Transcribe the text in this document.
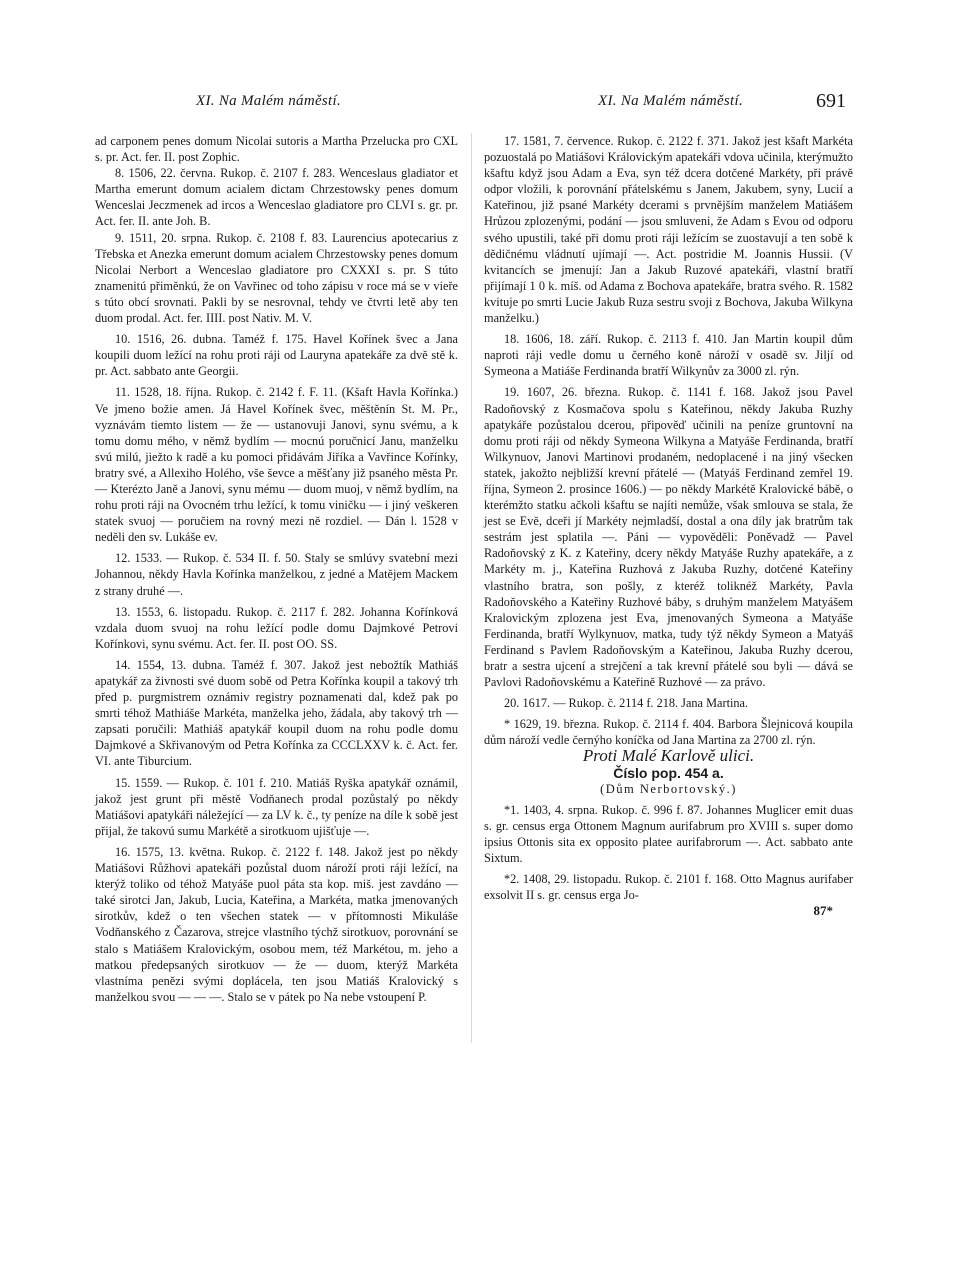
XI. Na Malém náměstí.	XI. Na Malém náměstí.	691

ad carponem penes domum Nicolai sutoris a Martha Przelucka pro CXL s. pr. Act. fer. II. post Zophic.

8. 1506, 22. června. Rukop. č. 2107 f. 283. Wenceslaus gladiator et Martha emerunt domum acialem dictam Chrzestowsky penes domum Wenceslai Jeczmenek ad ircos a Wenceslao gladiatore pro CLVI s. gr. pr. Act. fer. II. ante Joh. B.

9. 1511, 20. srpna. Rukop. č. 2108 f. 83. Laurencius apotecarius z Třebska et Anezka emerunt domum acialem Chrzestowsky penes domum Nicolai Nerbort a Wenceslao gladiatore pro CXXXI s. pr. S túto znamenitú přiměnkú, že on Vavřinec od toho zápisu v roce má se v vieře s túto obcí srovnati. Pakli by se nesrovnal, tehdy ve čtvrti letě aby ten duom prodal. Act. fer. IIII. post Nativ. M. V.

10. 1516, 26. dubna. Taméž f. 175. Havel Kořínek švec a Jana koupili duom ležící na rohu proti ráji od Lauryna apatekáře za dvě stě k. pr. Act. sabbato ante Georgii.

11. 1528, 18. října. Rukop. č. 2142 f. F. 11. (Kšaft Havla Kořínka.) Ve jmeno božie amen. Já Havel Kořínek švec, měštěnín St. M. Pr., vyznávám tiemto listem — že — ustanovuji Janovi, synu svému, a k tomu domu mého, v němž bydlím — mocnú poručnicí Janu, manželku svú milú, jiežto k radě a ku pomoci přidávám Jiříka a Vavřince Kořínky, bratry své, a Allexiho Holého, vše ševce a měšťany již psaného města Pr. — Kterézto Janě a Janovi, synu mému — duom muoj, v němž bydlím, na rohu proti ráji na Ovocném trhu ležící, k tomu viničku — i jiný veškeren statek svuoj — poručiem na rovný mezi ně rozdiel. — Dán l. 1528 v neděli den sv. Lukáše ev.

12. 1533. — Rukop. č. 534 II. f. 50. Staly se smlúvy svatební mezi Johannou, někdy Havla Kořínka manželkou, z jedné a Matějem Mackem z strany druhé —.

13. 1553, 6. listopadu. Rukop. č. 2117 f. 282. Johanna Kořínková vzdala duom svuoj na rohu ležící podle domu Dajmkové Petrovi Kořínkovi, synu svému. Act. fer. II. post OO. SS.

14. 1554, 13. dubna. Taméž f. 307. Jakož jest nebožtík Mathiáš apatykář za živnosti své duom sobě od Petra Kořínka koupil a takový trh před p. purgmistrem oznámiv registry poznamenati dal, kdež pak po smrti téhož Mathiáše Markéta, manželka jeho, žádala, aby takový trh — zapsati poručili: Mathiáš apatykář koupil duom na rohu podle domu Dajmkové a Skřivanovým od Petra Kořínka za CCCLXXV k. č. Act. fer. VI. ante Tiburcium.

15. 1559. — Rukop. č. 101 f. 210. Matiáš Ryška apatykář oznámil, jakož jest grunt při městě Vodňanech prodal pozůstalý po někdy Matiášovi apatykáři náležející — za LV k. č., ty peníze na díle k sobě jest přijal, že takovú sumu Markétě a sirotkuom ujišťuje —.

16. 1575, 13. května. Rukop. č. 2122 f. 148. Jakož jest po někdy Matiášovi Růžhovi apatekáři pozůstal duom nároží proti ráji ležící, na kterýž toliko od téhož Matyáše puol páta sta kop. miš. jest zavdáno — také sirotci Jan, Jakub, Lucia, Kateřina, a Markéta, matka jmenovaných sirotkův, kdež o ten všechen statek — v přítomnosti Mikuláše Vodňanského z Čazarova, strejce vlastního týchž sirotkuov, porovnání se stalo s Matiášem Kralovickým, osobou mem, též Markétou, m. jeho a matkou předepsaných sirotkuov — že — duom, kterýž Markéta vlastníma penězi svými doplácela, ten jsou Matiáš Kralovický s manželkou svou — — —. Stalo se v pátek po Na nebe vstoupení P.

17. 1581, 7. července. Rukop. č. 2122 f. 371. Jakož jest kšaft Markéta pozuostalá po Matiášovi Královickým apatekáři vdova učinila, kterýmužto kšaftu když jsou Adam a Eva, syn též dcera dotčené Markéty, při právě odpor vložili, k porovnání přátelskému s Janem, Jakubem, syny, Lucií a Kateřinou, již psané Markéty dcerami s prvnějším manželem Matiášem Hrůzou zplozenými, podání — jsou smluveni, že Adam s Evou od odporu svého upustili, také při domu proti ráji ležícím se zuostavují a ten sobě k dědičnému vládnutí ujímají —. Act. postridie M. Joannis Hussii. (V kvitancích se jmenují: Jan a Jakub Ruzové apatekáři, vlastní bratří přijímají 1 0 k. míš. od Adama z Bochova apatekáře, bratra svého. R. 1582 kvituje po smrti Lucie Jakub Ruza sestru svoji z Bochova, Jakuba Wilkyna manželku.)

18. 1606, 18. září. Rukop. č. 2113 f. 410. Jan Martin koupil dům naproti ráji vedle domu u černého koně nároží v osadě sv. Jiljí od Symeona a Matiáše Ferdinanda bratří Wilkynův za 3000 zl. rýn.

19. 1607, 26. března. Rukop. č. 1141 f. 168. Jakož jsou Pavel Radoňovský z Kosmačova spolu s Kateřinou, někdy Jakuba Ruzhy apatykáře pozůstalou dcerou, připověď učinili na peníze gruntovní na domu proti ráji od někdy Symeona Wilkyna a Matyáše Ferdinanda, bratří Wilkynuov, Janovi Martinovi prodaném, nedoplacené i na jiný všecken statek, jakožto nejbližší krevní přátelé — (Matyáš Ferdinand zemřel 19. října, Symeon 2. prosince 1606.) — po někdy Markétě Kralovické bábě, o kterémžto statku ačkoli kšaftu se najíti nemůže, však smlouva se stala, že jest se Evě, dceři jí Markéty nejmladší, dostal a ona díly jak bratrům tak sestrám jest splatila —. Páni — vypověděli: Poněvadž — Pavel Radoňovský z K. z Kateřiny, dcery někdy Matyáše Ruzhy apatekáře, a z Markéty m. j., Kateřina Ruzhová z Jakuba Ruzhy, dotčené Kateřiny vlastního bratra, son pošly, z kteréž toliknéž Markéty, Pavla Radoňovského a Kateřiny Ruzhové báby, s druhým manželem Matyášem Kralovickým zplozena jest Eva, jmenovaných Symeona a Matyáše Ferdinanda, bratří Wylkynuov, matka, tudy týž někdy Symeon a Matyáš Ferdinand s Pavlem Radoňovským a Kateřinou, Jakuba Ruzhy dcerou, bratr a sestra ujcení a strejčení a tak krevní přátelé sou byli — dává se Pavlovi Radoňovskému a Kateřině Ruzhové — za právo.

20. 1617. — Rukop. č. 2114 f. 218. Jana Martina.

* 1629, 19. března. Rukop. č. 2114 f. 404. Barbora Šlejnicová koupila dům nároží vedle černýho koníčka od Jana Martina za 2700 zl. rýn.

Proti Malé Karlově ulici.

Číslo pop. 454 a.

(Dům Nerbortovský.)

*1. 1403, 4. srpna. Rukop. č. 996 f. 87. Johannes Muglicer emit duas s. gr. census erga Ottonem Magnum aurifabrum pro XVIII s. super domo ipsius Ottonis sita ex opposito platee aurifabrorum —. Act. sabbato ante Sixtum.

*2. 1408, 29. listopadu. Rukop. č. 2101 f. 168. Otto Magnus aurifaber exsolvit II s. gr. census erga Jo-

87*
